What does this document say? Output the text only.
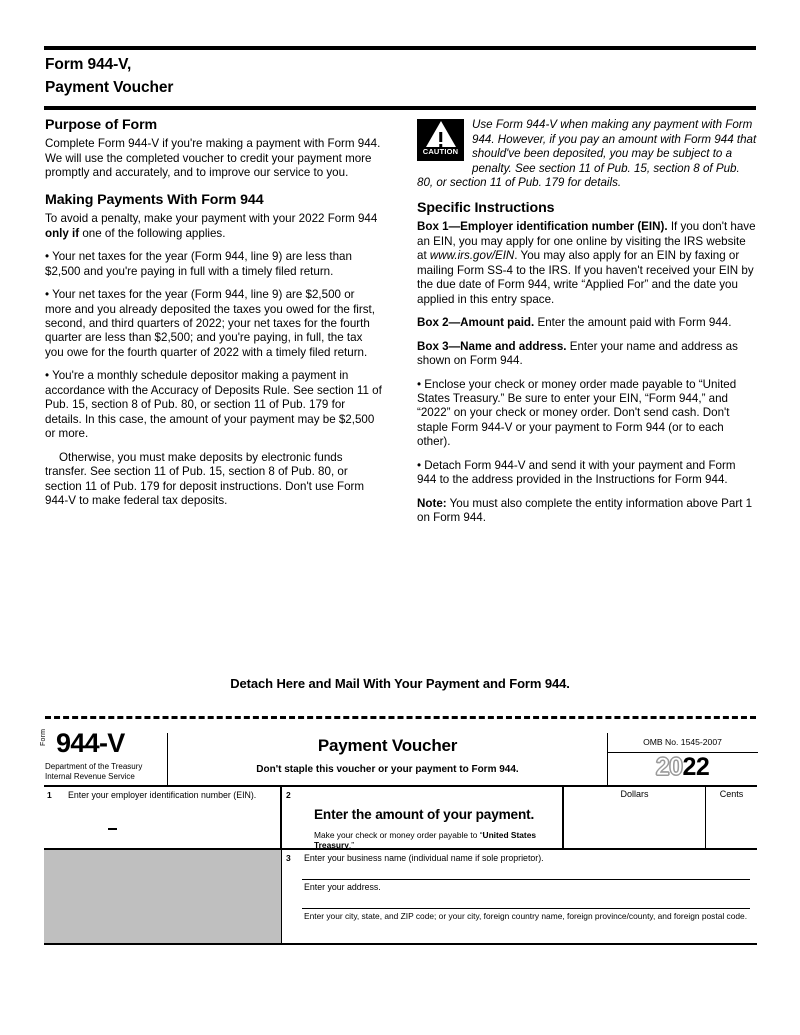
Form 944-V,
Payment Voucher
Purpose of Form

Complete Form 944-V if you're making a payment with Form 944. We will use the completed voucher to credit your payment more promptly and accurately, and to improve our service to you.

Making Payments With Form 944

To avoid a penalty, make your payment with your 2022 Form 944 only if one of the following applies.

• Your net taxes for the year (Form 944, line 9) are less than $2,500 and you're paying in full with a timely filed return.

• Your net taxes for the year (Form 944, line 9) are $2,500 or more and you already deposited the taxes you owed for the first, second, and third quarters of 2022; your net taxes for the fourth quarter are less than $2,500; and you're paying, in full, the tax you owe for the fourth quarter of 2022 with a timely filed return.

• You're a monthly schedule depositor making a payment in accordance with the Accuracy of Deposits Rule. See section 11 of Pub. 15, section 8 of Pub. 80, or section 11 of Pub. 179 for details. In this case, the amount of your payment may be $2,500 or more.

Otherwise, you must make deposits by electronic funds transfer. See section 11 of Pub. 15, section 8 of Pub. 80, or section 11 of Pub. 179 for deposit instructions. Don't use Form 944-V to make federal tax deposits.

CAUTION
Use Form 944-V when making any payment with Form 944. However, if you pay an amount with Form 944 that should've been deposited, you may be subject to a penalty. See section 11 of Pub. 15, section 8 of Pub. 80, or section 11 of Pub. 179 for details.
Specific Instructions

Box 1—Employer identification number (EIN). If you don't have an EIN, you may apply for one online by visiting the IRS website at www.irs.gov/EIN. You may also apply for an EIN by faxing or mailing Form SS-4 to the IRS. If you haven't received your EIN by the due date of Form 944, write “Applied For” and the date you applied in this entry space.

Box 2—Amount paid. Enter the amount paid with Form 944.

Box 3—Name and address. Enter your name and address as shown on Form 944.

• Enclose your check or money order made payable to “United States Treasury.” Be sure to enter your EIN, “Form 944,” and “2022” on your check or money order. Don't send cash. Don't staple Form 944-V or your payment to Form 944 (or to each other).

• Detach Form 944-V and send it with your payment and Form 944 to the address provided in the Instructions for Form 944.

Note: You must also complete the entity information above Part 1 on Form 944.

Detach Here and Mail With Your Payment and Form 944.
Form 944-V
Department of the Treasury
Internal Revenue Service
Payment Voucher
Don't staple this voucher or your payment to Form 944.
OMB No. 1545-2007
2022
1 Enter your employer identification number (EIN).	2
Enter the amount of your payment.
Make your check or money order payable to “United States Treasury.”
Dollars	Cents
3 Enter your business name (individual name if sole proprietor).
Enter your address.
Enter your city, state, and ZIP code; or your city, foreign country name, foreign province/county, and foreign postal code.
